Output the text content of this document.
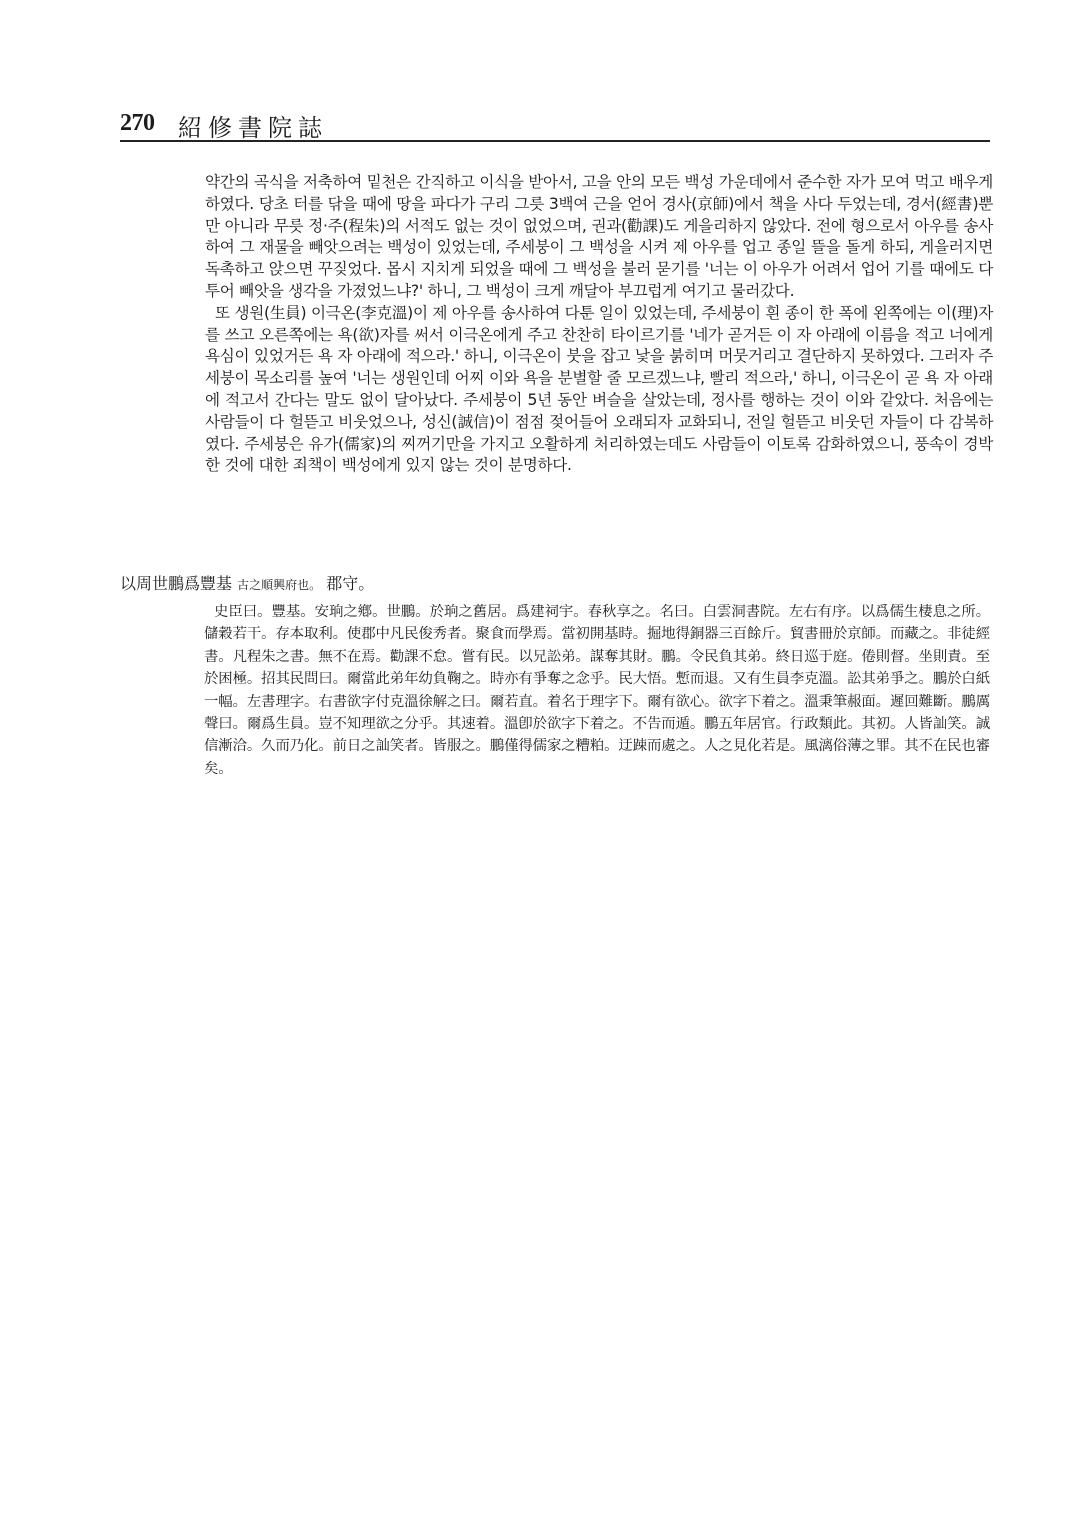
270 紹修書院誌

약간의 곡식을 저축하여 밑천은 간직하고 이식을 받아서, 고을 안의 모든 백성 가운데에서 준수한 자가 모여 먹고 배우게 하였다. 당초 터를 닦을 때에 땅을 파다가 구리 그릇 3백여 근을 얻어 경사(京師)에서 책을 사다 두었는데, 경서(經書)뿐만 아니라 무릇 정·주(程朱)의 서적도 없는 것이 없었으며, 권과(勸課)도 게을리하지 않았다. 전에 형으로서 아우를 송사하여 그 재물을 빼앗으려는 백성이 있었는데, 주세붕이 그 백성을 시켜 제 아우를 업고 종일 뜰을 돌게 하되, 게을러지면 독촉하고 앉으면 꾸짖었다. 몹시 지치게 되었을 때에 그 백성을 불러 묻기를 '너는 이 아우가 어려서 업어 기를 때에도 다투어 빼앗을 생각을 가졌었느냐?' 하니, 그 백성이 크게 깨달아 부끄럽게 여기고 물러갔다.

또 생원(生員) 이극온(李克溫)이 제 아우를 송사하여 다툰 일이 있었는데, 주세붕이 흰 종이 한 폭에 왼쪽에는 이(理)자를 쓰고 오른쪽에는 욕(欲)자를 써서 이극온에게 주고 찬찬히 타이르기를 '네가 곧거든 이 자 아래에 이름을 적고 너에게 욕심이 있었거든 욕 자 아래에 적으라.' 하니, 이극온이 붓을 잡고 낯을 붉히며 머뭇거리고 결단하지 못하였다. 그러자 주세붕이 목소리를 높여 '너는 생원인데 어찌 이와 욕을 분별할 줄 모르겠느냐, 빨리 적으라,' 하니, 이극온이 곧 욕 자 아래에 적고서 간다는 말도 없이 달아났다. 주세붕이 5년 동안 벼슬을 살았는데, 정사를 행하는 것이 이와 같았다. 처음에는 사람들이 다 헐뜯고 비웃었으나, 성신(誠信)이 점점 젖어들어 오래되자 교화되니, 전일 헐뜯고 비웃던 자들이 다 감복하였다. 주세붕은 유가(儒家)의 찌꺼기만을 가지고 오활하게 처리하였는데도 사람들이 이토록 감화하였으니, 풍속이 경박한 것에 대한 죄책이 백성에게 있지 않는 것이 분명하다.

以周世鵬爲豐基 古之順興府也。 郡守。

史臣曰。豐基。安珦之鄕。世鵬。於珦之舊居。爲建祠宇。春秋享之。名曰。白雲洞書院。左右有序。以爲儒生棲息之所。儲穀若干。存本取利。使郡中凡民俊秀者。聚食而學焉。當初開基時。掘地得銅器三百餘斤。貿書冊於京師。而藏之。非徒經書。凡程朱之書。無不在焉。勸課不怠。嘗有民。以兄訟弟。謀奪其財。鵬。令民負其弟。終日巡于庭。倦則督。坐則責。至於困極。招其民問曰。爾當此弟年幼負鞠之。時亦有爭奪之念乎。民大悟。慙而退。又有生員李克溫。訟其弟爭之。鵬於白紙一幅。左書理字。右書欲字付克溫徐解之曰。爾若直。着名于理字下。爾有欲心。欲字下着之。溫秉筆赧面。遲回難斷。鵬厲聲曰。爾爲生員。豈不知理欲之分乎。其速着。溫卽於欲字下着之。不告而遁。鵬五年居官。行政類此。其初。人皆訕笑。誠信漸洽。久而乃化。前日之訕笑者。皆服之。鵬僅得儒家之糟粕。迂踈而處之。人之見化若是。風漓俗薄之罪。其不在民也審矣。
